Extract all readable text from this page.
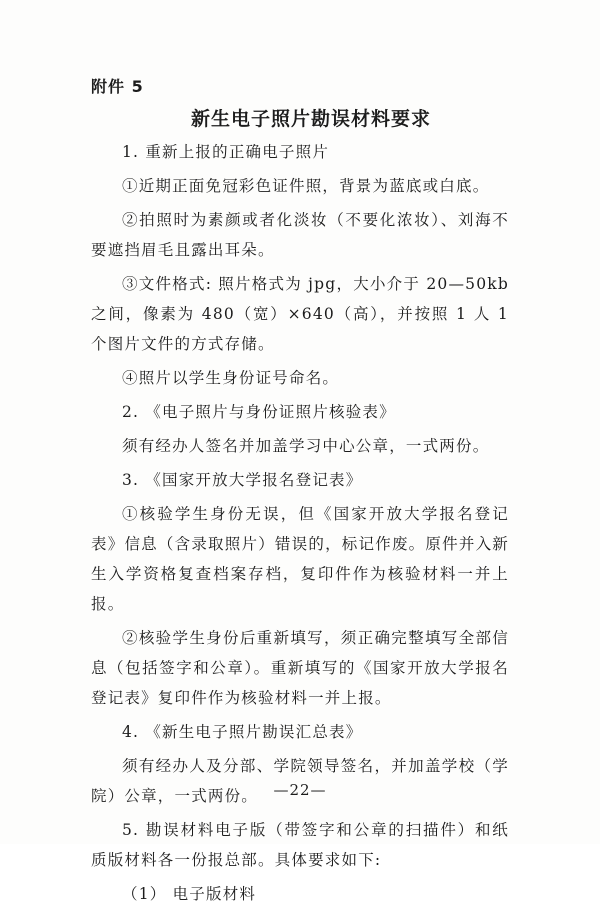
附件 5
新生电子照片勘误材料要求

1. 重新上报的正确电子照片

①近期正面免冠彩色证件照，背景为蓝底或白底。

②拍照时为素颜或者化淡妆（不要化浓妆）、刘海不要遮挡眉毛且露出耳朵。

③文件格式: 照片格式为 jpg，大小介于 20—50kb 之间，像素为 480（宽）×640（高），并按照 1 人 1 个图片文件的方式存储。

④照片以学生身份证号命名。

2. 《电子照片与身份证照片核验表》

须有经办人签名并加盖学习中心公章，一式两份。

3. 《国家开放大学报名登记表》

①核验学生身份无误，但《国家开放大学报名登记表》信息（含录取照片）错误的，标记作废。原件并入新生入学资格复查档案存档，复印件作为核验材料一并上报。

②核验学生身份后重新填写，须正确完整填写全部信息（包括签字和公章）。重新填写的《国家开放大学报名登记表》复印件作为核验材料一并上报。

4. 《新生电子照片勘误汇总表》

须有经办人及分部、学院领导签名，并加盖学校（学院）公章，一式两份。

5. 勘误材料电子版（带签字和公章的扫描件）和纸质版材料各一份报总部。具体要求如下:

（1） 电子版材料

—22—
